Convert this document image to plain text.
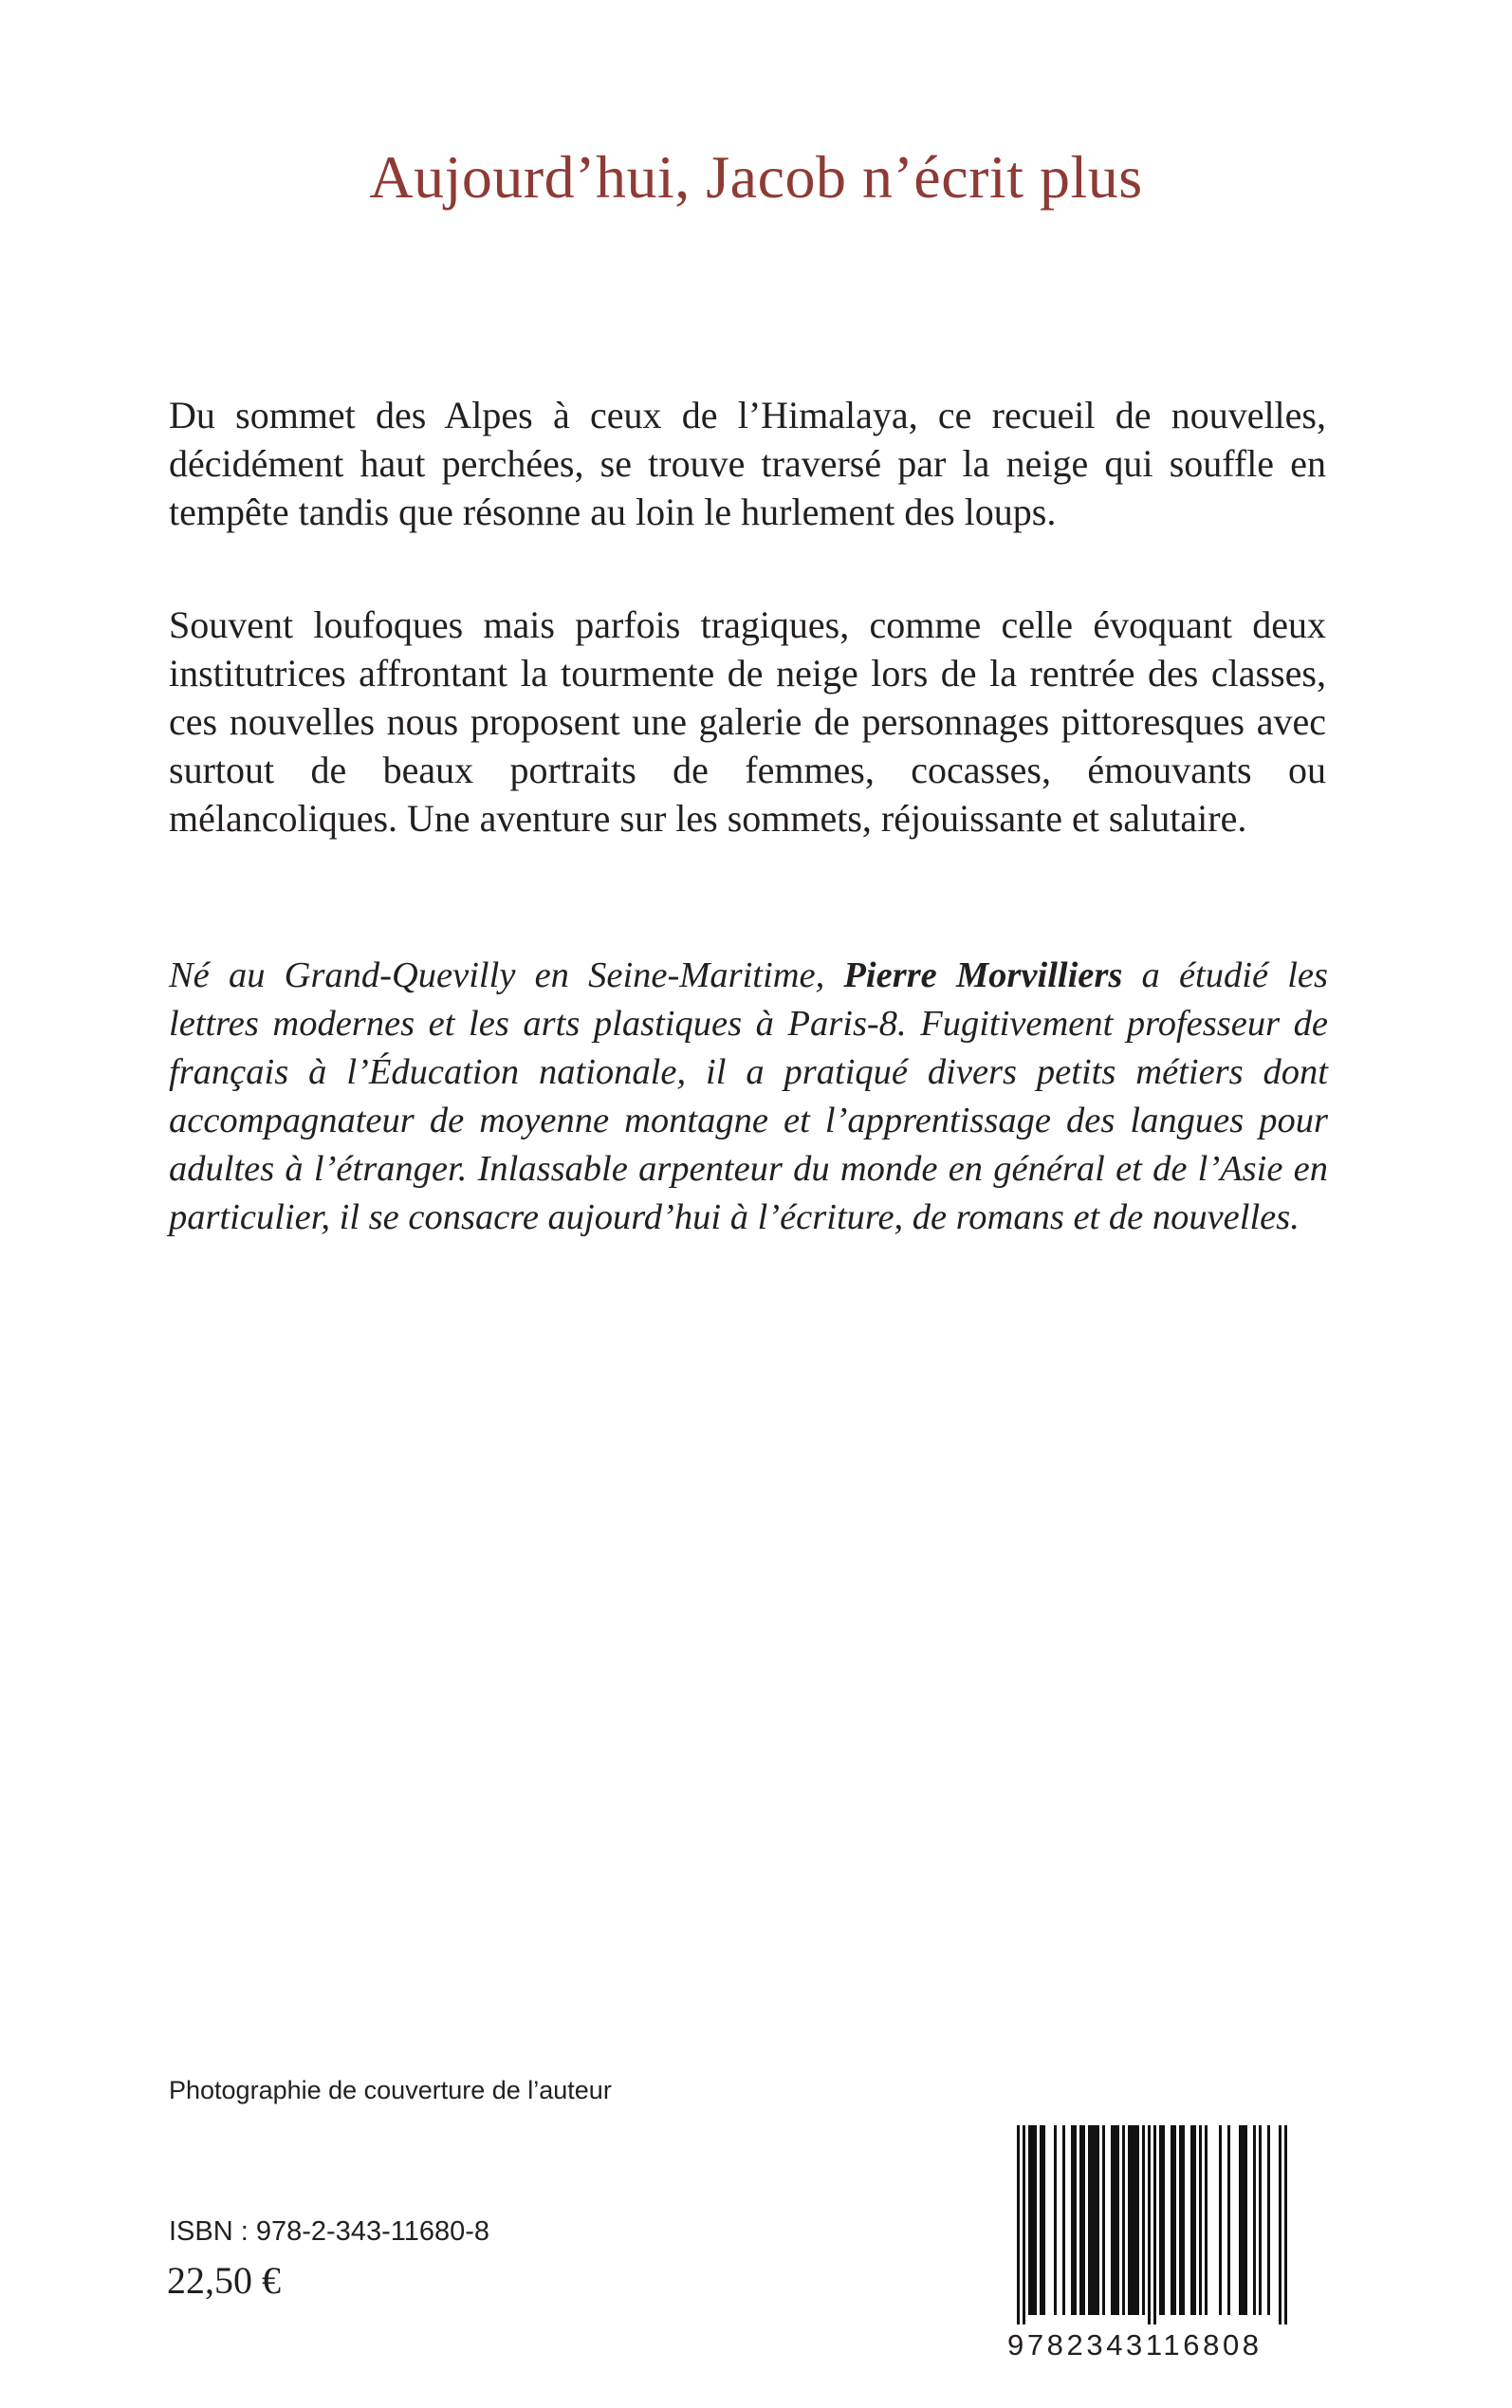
Aujourd’hui, Jacob n’écrit plus
Du sommet des Alpes à ceux de l’Himalaya, ce recueil de nouvelles, décidément haut perchées, se trouve traversé par la neige qui souffle en tempête tandis que résonne au loin le hurlement des loups.
Souvent loufoques mais parfois tragiques, comme celle évoquant deux institutrices affrontant la tourmente de neige lors de la rentrée des classes, ces nouvelles nous proposent une galerie de personnages pittoresques avec surtout de beaux portraits de femmes, cocasses, émouvants ou mélancoliques. Une aventure sur les sommets, réjouissante et salutaire.
Né au Grand-Quevilly en Seine-Maritime, Pierre Morvilliers a étudié les lettres modernes et les arts plastiques à Paris-8. Fugitivement professeur de français à l’Éducation nationale, il a pratiqué divers petits métiers dont accompagnateur de moyenne montagne et l’apprentissage des langues pour adultes à l’étranger. Inlassable arpenteur du monde en général et de l’Asie en particulier, il se consacre aujourd’hui à l’écriture, de romans et de nouvelles.
Photographie de couverture de l’auteur
ISBN : 978-2-343-11680-8
22,50 €
9782343116808
